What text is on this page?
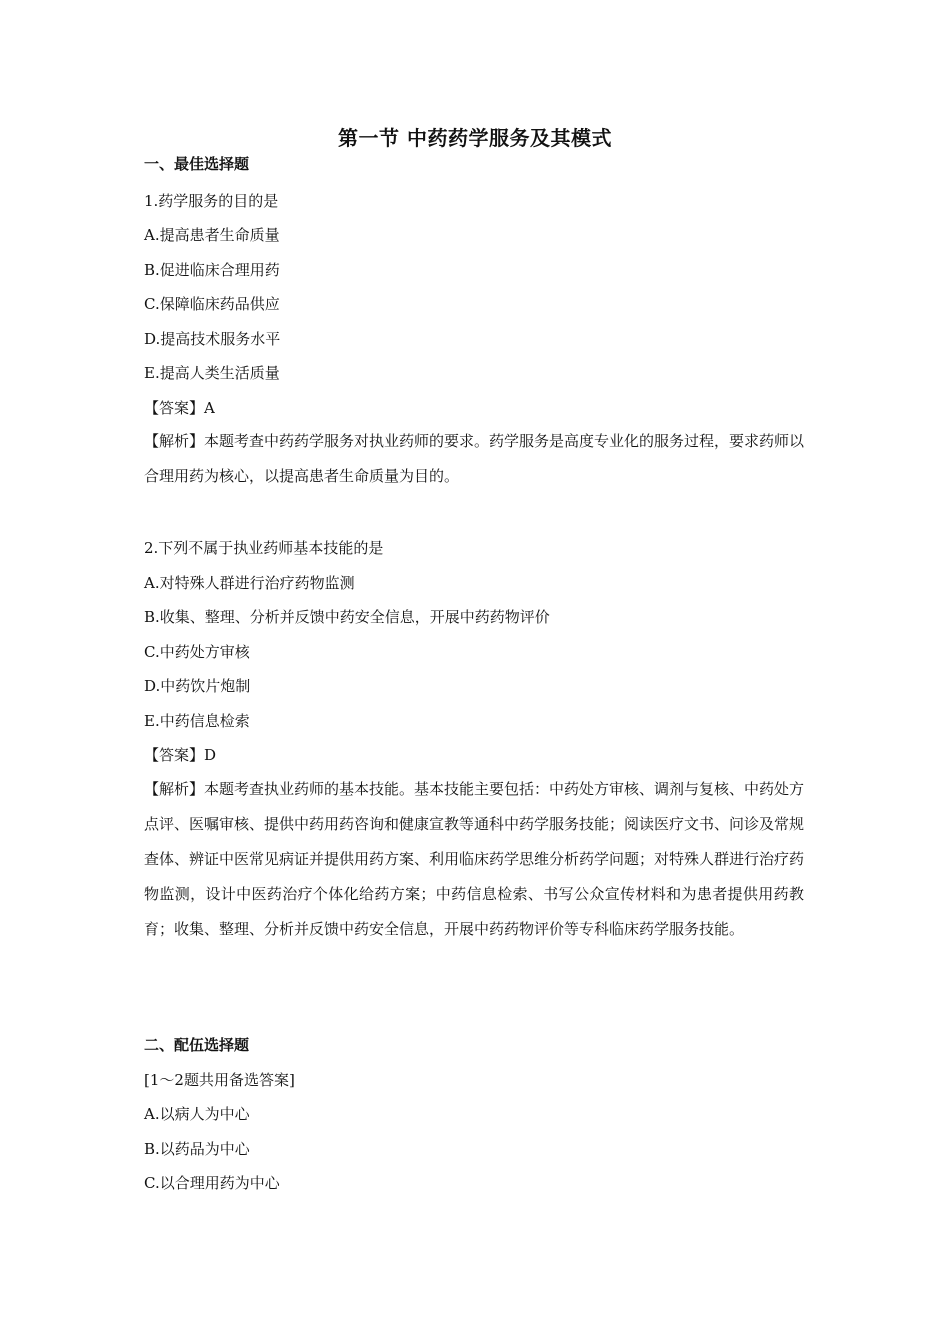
第一节 中药药学服务及其模式
一、最佳选择题
1.药学服务的目的是
A.提高患者生命质量
B.促进临床合理用药
C.保障临床药品供应
D.提高技术服务水平
E.提高人类生活质量
【答案】A
【解析】本题考查中药药学服务对执业药师的要求。药学服务是高度专业化的服务过程，要求药师以合理用药为核心，以提高患者生命质量为目的。
2.下列不属于执业药师基本技能的是
A.对特殊人群进行治疗药物监测
B.收集、整理、分析并反馈中药安全信息，开展中药药物评价
C.中药处方审核
D.中药饮片炮制
E.中药信息检索
【答案】D
【解析】本题考查执业药师的基本技能。基本技能主要包括：中药处方审核、调剂与复核、中药处方点评、医嘱审核、提供中药用药咨询和健康宣教等通科中药学服务技能；阅读医疗文书、问诊及常规查体、辨证中医常见病证并提供用药方案、利用临床药学思维分析药学问题；对特殊人群进行治疗药物监测，设计中医药治疗个体化给药方案；中药信息检索、书写公众宣传材料和为患者提供用药教育；收集、整理、分析并反馈中药安全信息，开展中药药物评价等专科临床药学服务技能。
二、配伍选择题
[1～2题共用备选答案]
A.以病人为中心
B.以药品为中心
C.以合理用药为中心
